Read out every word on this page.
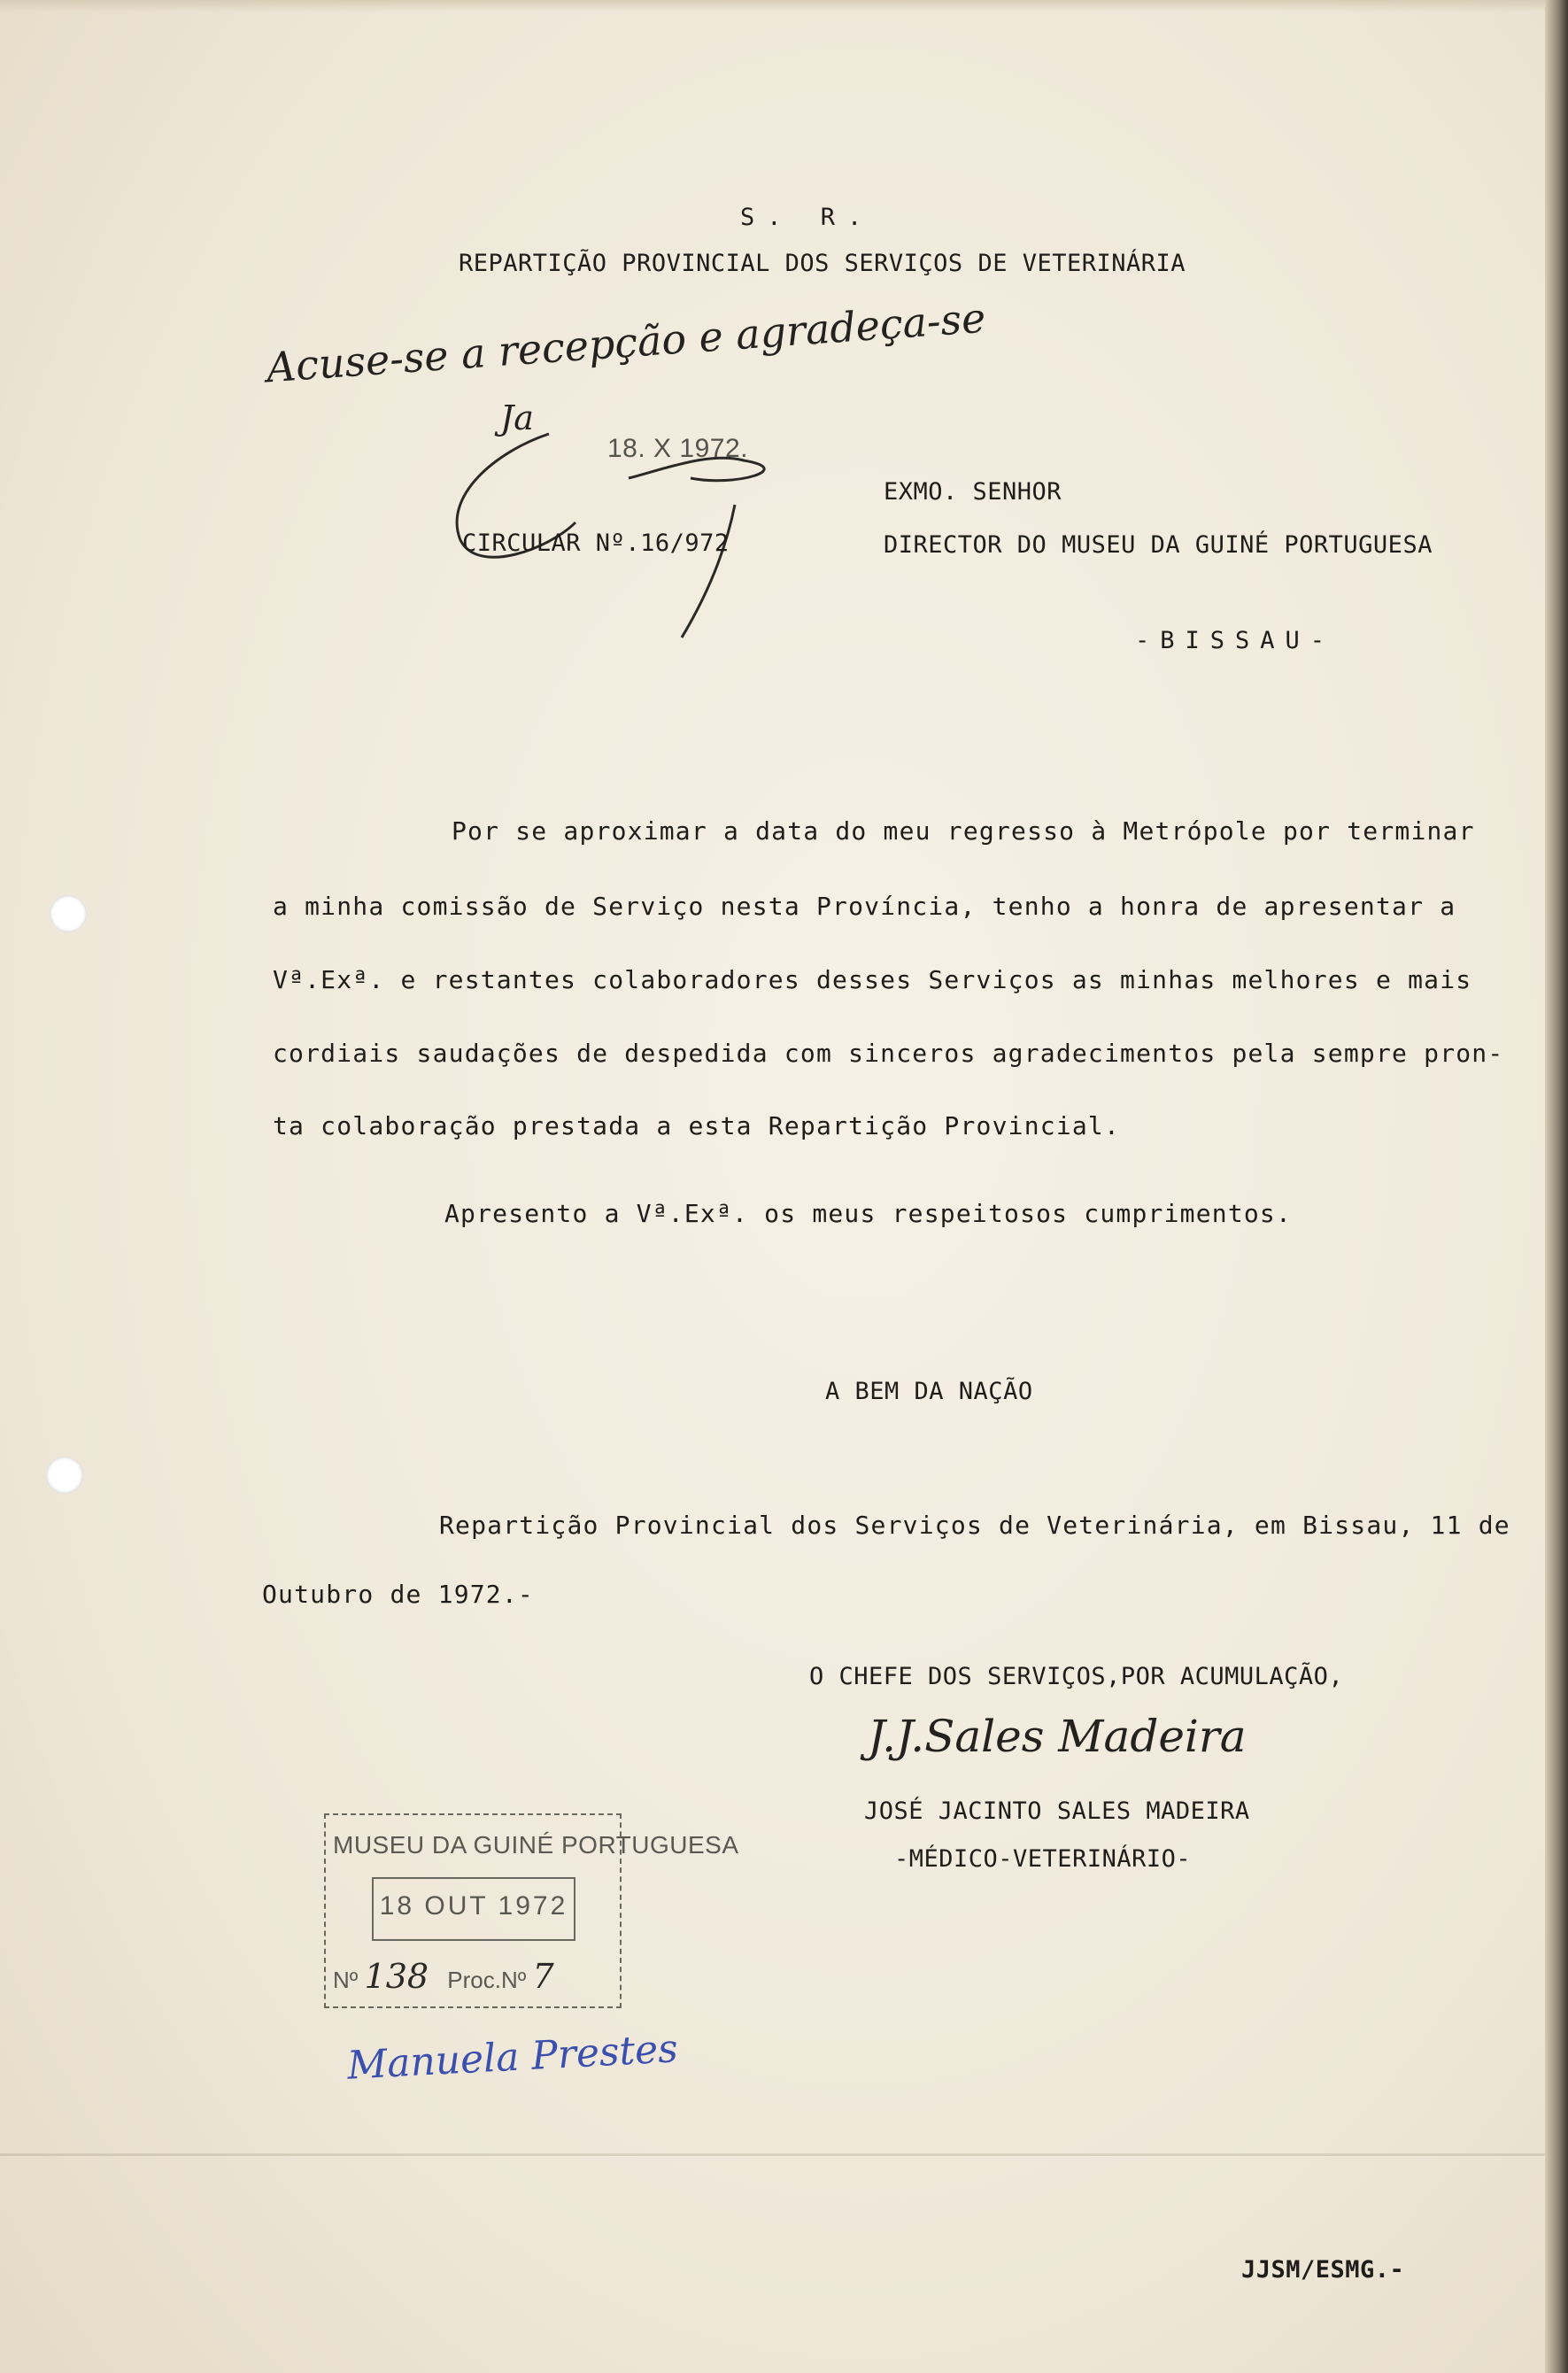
S. R.
REPARTIÇÃO PROVINCIAL DOS SERVIÇOS DE VETERINÁRIA
Acuse-se a recepção e agradeça-se
Ja
18. X 1972.
CIRCULAR Nº.16/972
EXMO. SENHOR
DIRECTOR DO MUSEU DA GUINÉ PORTUGUESA
-BISSAU-
Por se aproximar a data do meu regresso à Metrópole por terminar
a minha comissão de Serviço nesta Província, tenho a honra de apresentar a
Vª.Exª. e restantes colaboradores desses Serviços as minhas melhores e mais
cordiais saudações de despedida com sinceros agradecimentos pela sempre pron-
ta colaboração prestada a esta Repartição Provincial.
Apresento a Vª.Exª. os meus respeitosos cumprimentos.
A BEM DA NAÇÃO
Repartição Provincial dos Serviços de Veterinária, em Bissau, 11 de
Outubro de 1972.-
O CHEFE DOS SERVIÇOS,POR ACUMULAÇÃO,
J.J.Sales Madeira
JOSÉ JACINTO SALES MADEIRA
-MÉDICO-VETERINÁRIO-
MUSEU DA GUINÉ PORTUGUESA
18 OUT 1972
Nº 138 Proc.Nº 7
Manuela Prestes
JJSM/ESMG.-
